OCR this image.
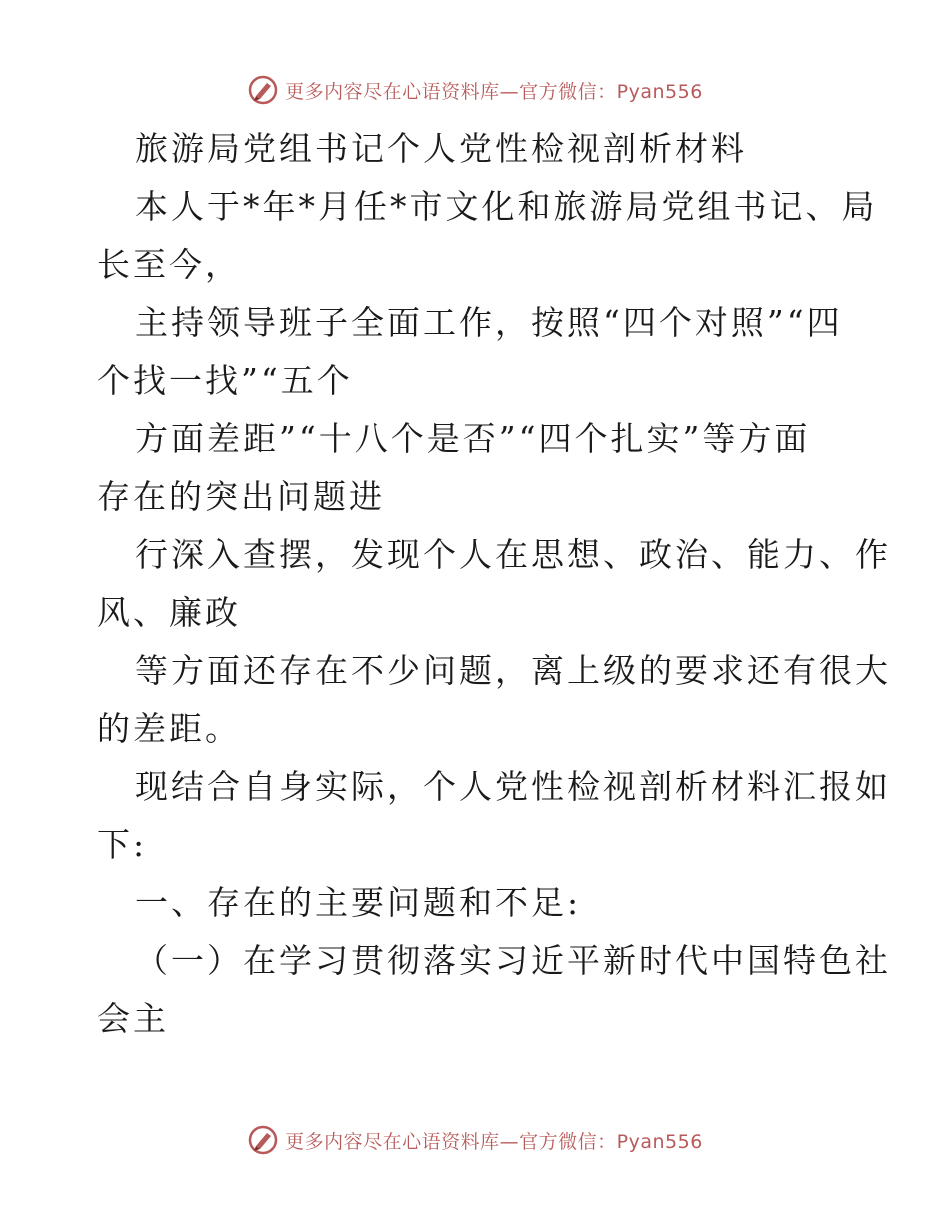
更多内容尽在心语资料库—官方微信：Pyan556

旅游局党组书记个人党性检视剖析材料

本人于*年*月任*市文化和旅游局党组书记、局
长至今，

主持领导班子全面工作，按照“四个对照”“四
个找一找”“五个

方面差距”“十八个是否”“四个扎实”等方面
存在的突出问题进

行深入查摆，发现个人在思想、政治、能力、作
风、廉政

等方面还存在不少问题，离上级的要求还有很大
的差距。

现结合自身实际，个人党性检视剖析材料汇报如
下:

一、存在的主要问题和不足:

（一）在学习贯彻落实习近平新时代中国特色社
会主

更多内容尽在心语资料库—官方微信：Pyan556
